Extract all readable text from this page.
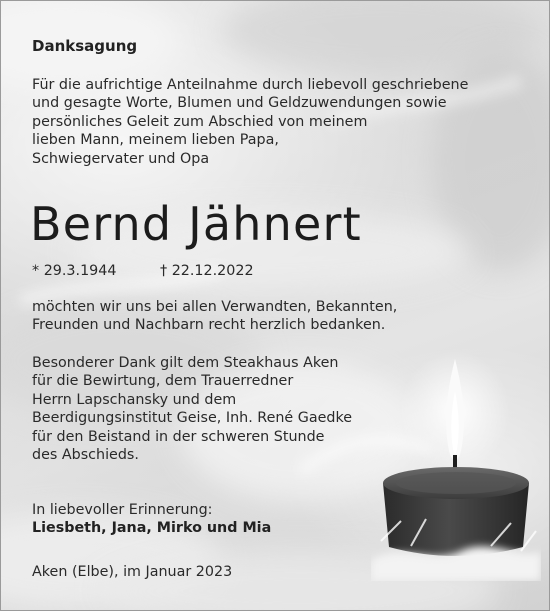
Danksagung
Für die aufrichtige Anteilnahme durch liebevoll geschriebene
und gesagte Worte, Blumen und Geldzuwendungen sowie
persönliches Geleit zum Abschied von meinem
lieben Mann, meinem lieben Papa,
Schwiegervater und Opa
Bernd Jähnert
* 29.3.1944	† 22.12.2022
möchten wir uns bei allen Verwandten, Bekannten,
Freunden und Nachbarn recht herzlich bedanken.
Besonderer Dank gilt dem Steakhaus Aken
für die Bewirtung, dem Trauerredner
Herrn Lapschansky und dem
Beerdigungsinstitut Geise, Inh. René Gaedke
für den Beistand in der schweren Stunde
des Abschieds.
In liebevoller Erinnerung:
Liesbeth, Jana, Mirko und Mia
Aken (Elbe), im Januar 2023
